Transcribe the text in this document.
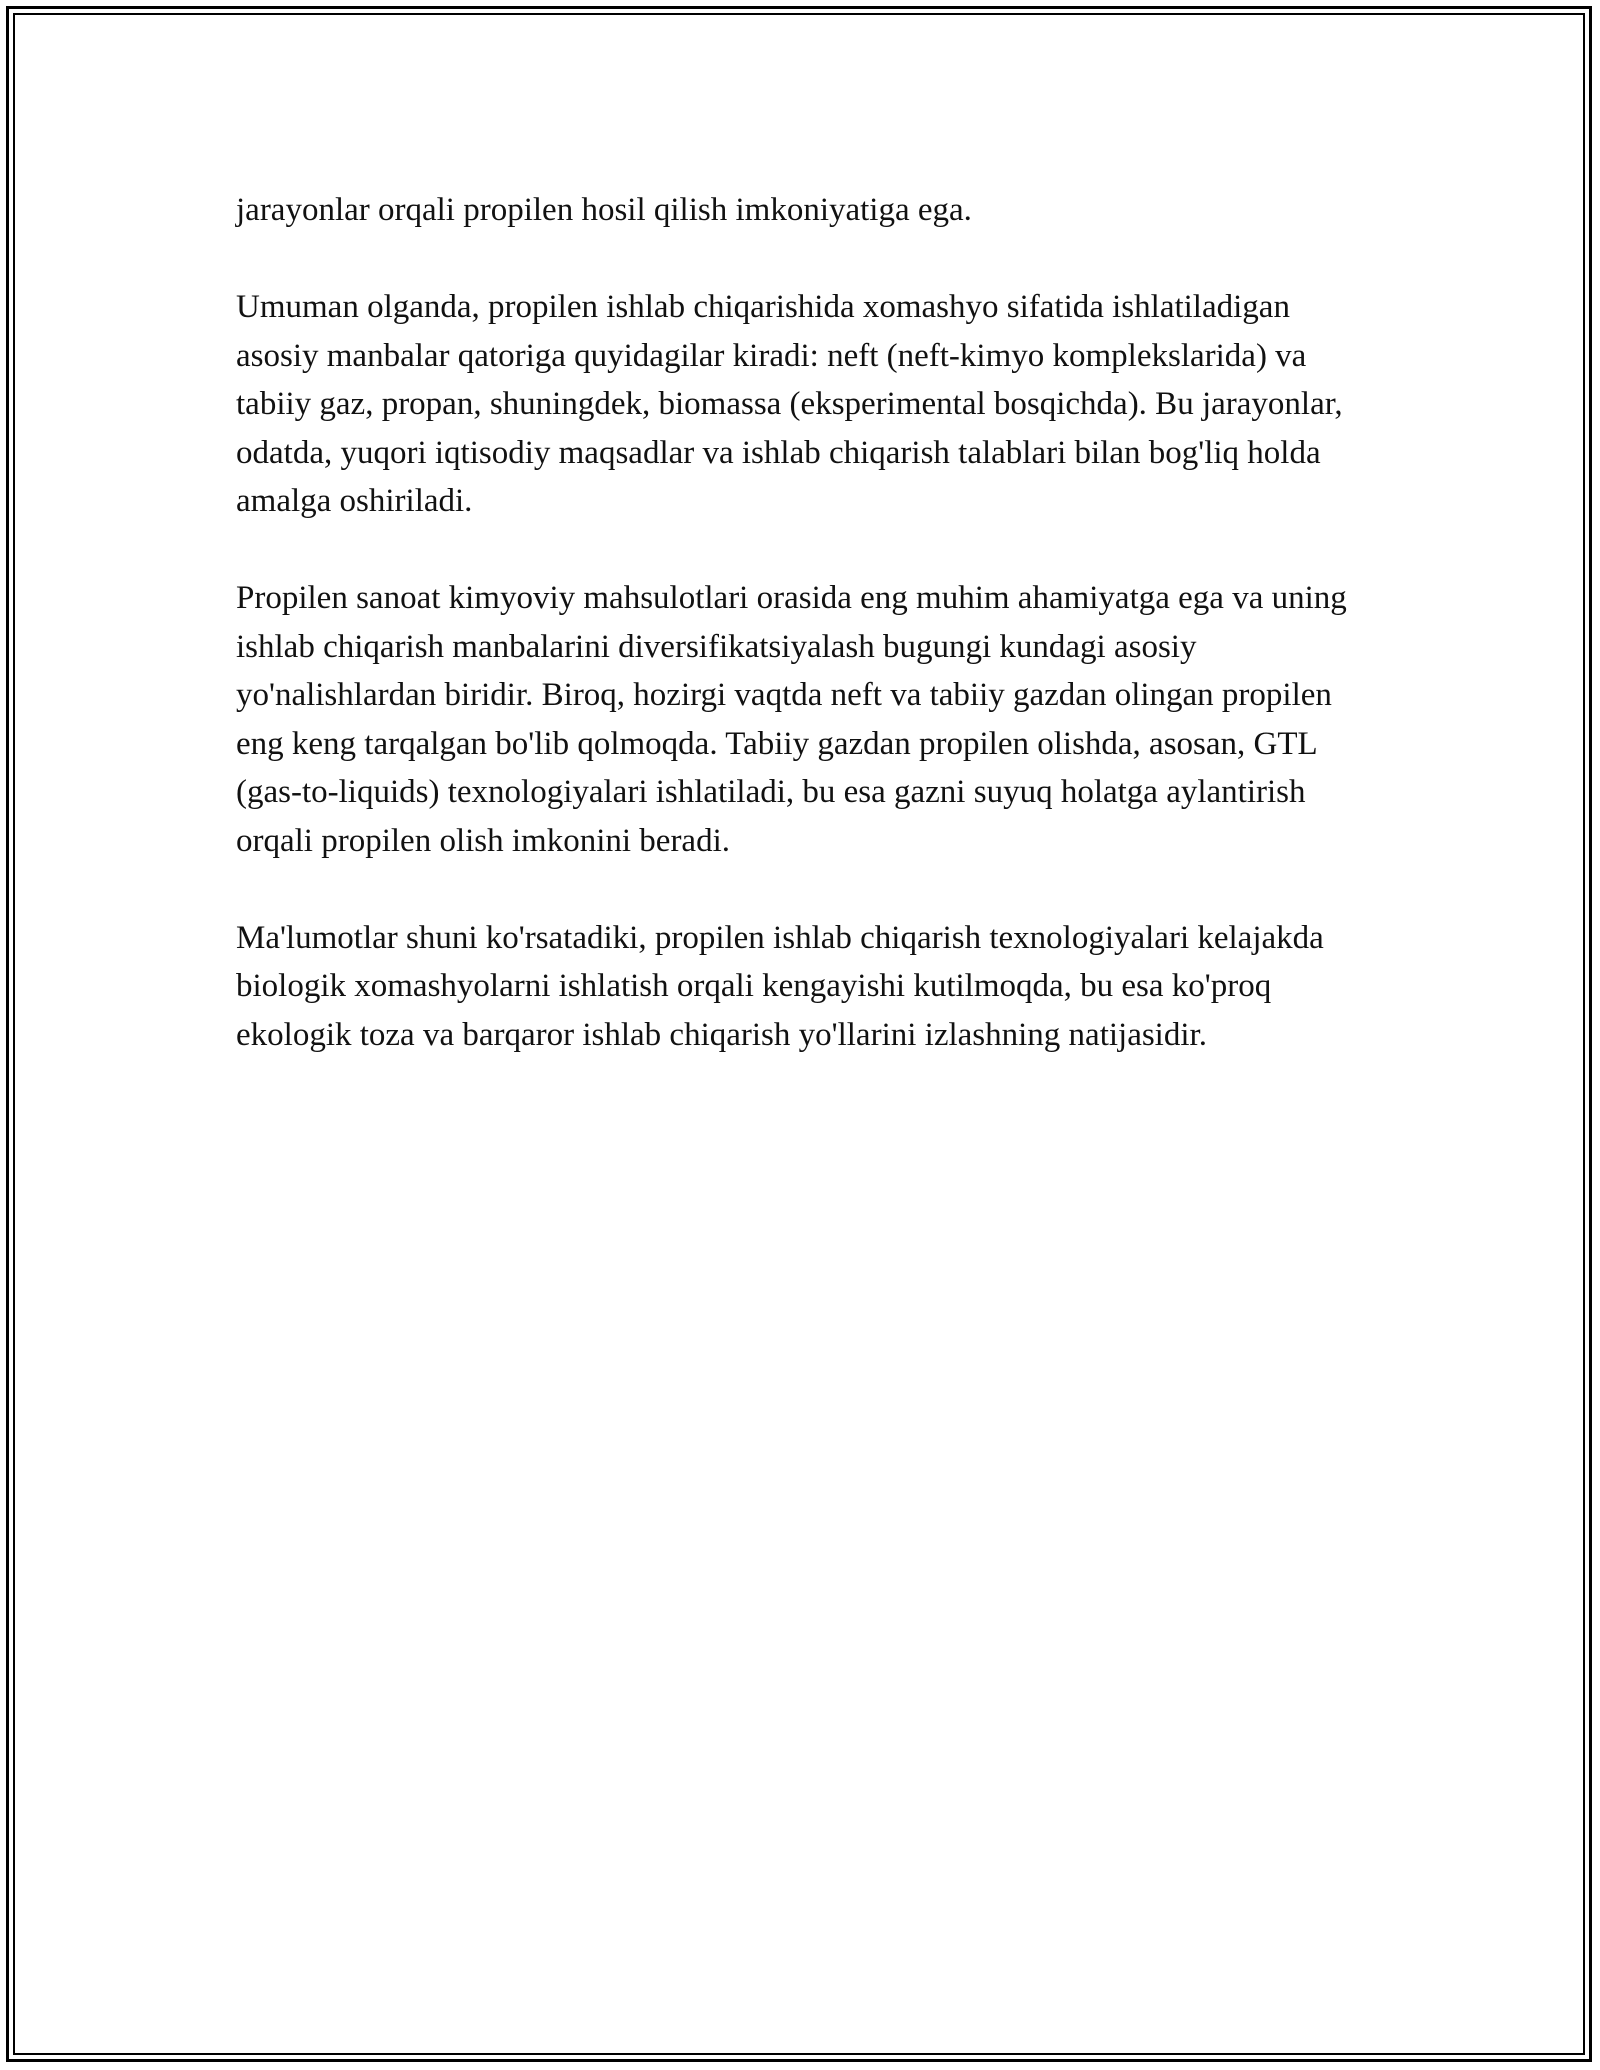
jarayonlar orqali propilen hosil qilish imkoniyatiga ega.

Umuman olganda, propilen ishlab chiqarishida xomashyo sifatida ishlatiladigan asosiy manbalar qatoriga quyidagilar kiradi: neft (neft-kimyo komplekslarida) va tabiiy gaz, propan, shuningdek, biomassa (eksperimental bosqichda). Bu jarayonlar, odatda, yuqori iqtisodiy maqsadlar va ishlab chiqarish talablari bilan bog'liq holda amalga oshiriladi.

Propilen sanoat kimyoviy mahsulotlari orasida eng muhim ahamiyatga ega va uning ishlab chiqarish manbalarini diversifikatsiyalash bugungi kundagi asosiy yo'nalishlardan biridir. Biroq, hozirgi vaqtda neft va tabiiy gazdan olingan propilen eng keng tarqalgan bo'lib qolmoqda. Tabiiy gazdan propilen olishda, asosan, GTL (gas-to-liquids) texnologiyalari ishlatiladi, bu esa gazni suyuq holatga aylantirish orqali propilen olish imkonini beradi.

Ma'lumotlar shuni ko'rsatadiki, propilen ishlab chiqarish texnologiyalari kelajakda biologik xomashyolarni ishlatish orqali kengayishi kutilmoqda, bu esa ko'proq ekologik toza va barqaror ishlab chiqarish yo'llarini izlashning natijasidir.
